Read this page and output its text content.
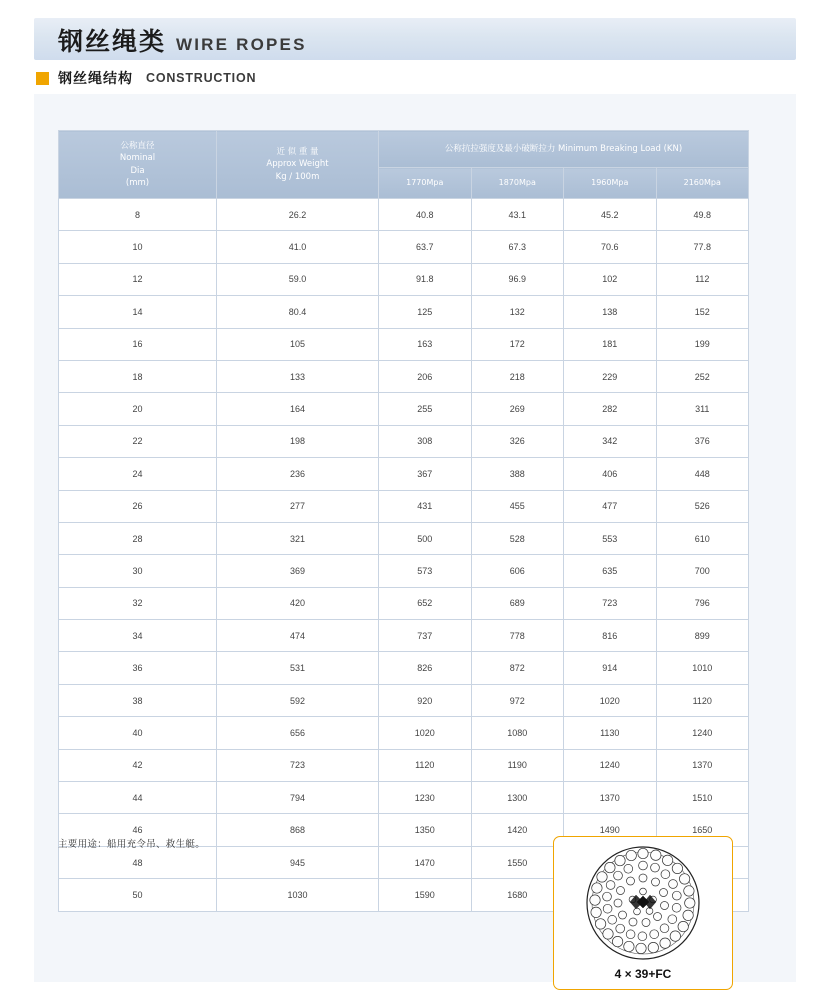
钢丝绳类 WIRE ROPES
钢丝绳结构 CONSTRUCTION
公称直径
Nominal
Dia
(mm)

近 似 重 量
Approx Weight
Kg / 100m
	公称抗拉强度及最小破断拉力 Minimum Breaking Load (KN)
		1770Mpa	1870Mpa	1960Mpa	2160Mpa
8	26.2	40.8	43.1	45.2	49.8
10	41.0	63.7	67.3	70.6	77.8
12	59.0	91.8	96.9	102	112
14	80.4	125	132	138	152
16	105	163	172	181	199
18	133	206	218	229	252
20	164	255	269	282	311
22	198	308	326	342	376
24	236	367	388	406	448
26	277	431	455	477	526
28	321	500	528	553	610
30	369	573	606	635	700
32	420	652	689	723	796
34	474	737	778	816	899
36	531	826	872	914	1010
38	592	920	972	1020	1120
40	656	1020	1080	1130	1240
42	723	1120	1190	1240	1370
44	794	1230	1300	1370	1510
46	868	1350	1420	1490	1650
48	945	1470	1550		
50	1030	1590	1680		
主要用途：船用充令吊、救生艇。
4 × 39+FC
